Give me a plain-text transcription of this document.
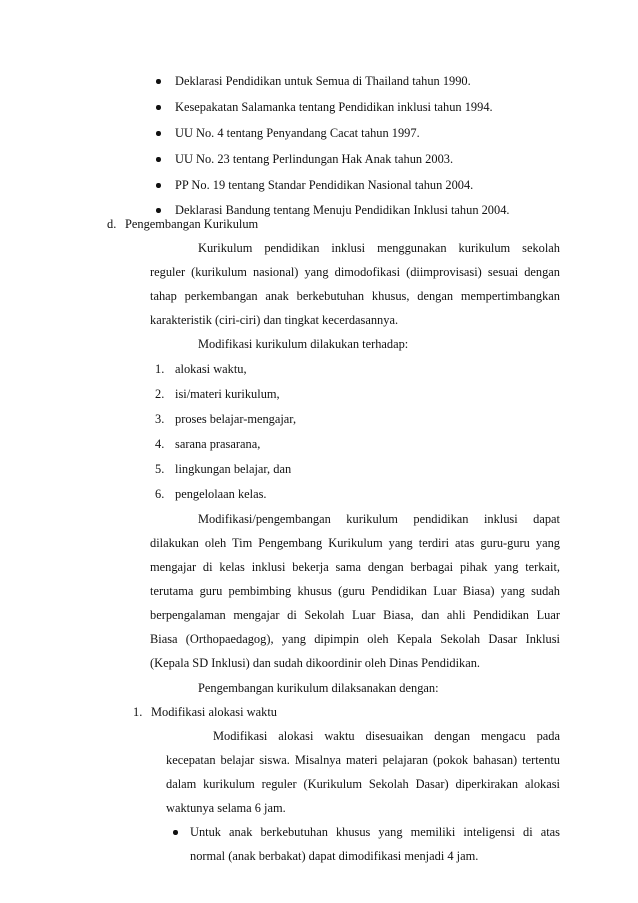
Deklarasi Pendidikan untuk Semua di Thailand tahun 1990.
Kesepakatan Salamanka tentang Pendidikan inklusi tahun 1994.
UU No. 4 tentang Penyandang Cacat tahun 1997.
UU No. 23 tentang Perlindungan Hak Anak tahun 2003.
PP No. 19 tentang Standar Pendidikan Nasional tahun 2004.
Deklarasi Bandung tentang Menuju Pendidikan Inklusi tahun 2004.
d. Pengembangan Kurikulum
Kurikulum pendidikan inklusi menggunakan kurikulum sekolah
reguler (kurikulum nasional) yang dimodofikasi (diimprovisasi) sesuai dengan
tahap perkembangan anak berkebutuhan khusus, dengan mempertimbangkan
karakteristik (ciri-ciri) dan tingkat kecerdasannya.
Modifikasi kurikulum dilakukan terhadap:
1. alokasi waktu,
2. isi/materi kurikulum,
3. proses belajar-mengajar,
4. sarana prasarana,
5. lingkungan belajar, dan
6. pengelolaan kelas.
Modifikasi/pengembangan kurikulum pendidikan inklusi dapat
dilakukan oleh Tim Pengembang Kurikulum yang terdiri atas guru-guru yang
mengajar di kelas inklusi bekerja sama dengan berbagai pihak yang terkait,
terutama guru pembimbing khusus (guru Pendidikan Luar Biasa) yang sudah
berpengalaman mengajar di Sekolah Luar Biasa, dan ahli Pendidikan Luar
Biasa (Orthopaedagog), yang dipimpin oleh Kepala Sekolah Dasar Inklusi
(Kepala SD Inklusi) dan sudah dikoordinir oleh Dinas Pendidikan.
Pengembangan kurikulum dilaksanakan dengan:
1. Modifikasi alokasi waktu
Modifikasi alokasi waktu disesuaikan dengan mengacu pada
kecepatan belajar siswa. Misalnya materi pelajaran (pokok bahasan) tertentu
dalam kurikulum reguler (Kurikulum Sekolah Dasar) diperkirakan alokasi
waktunya selama 6 jam.
Untuk anak berkebutuhan khusus yang memiliki inteligensi di atas
normal (anak berbakat) dapat dimodifikasi menjadi 4 jam.
